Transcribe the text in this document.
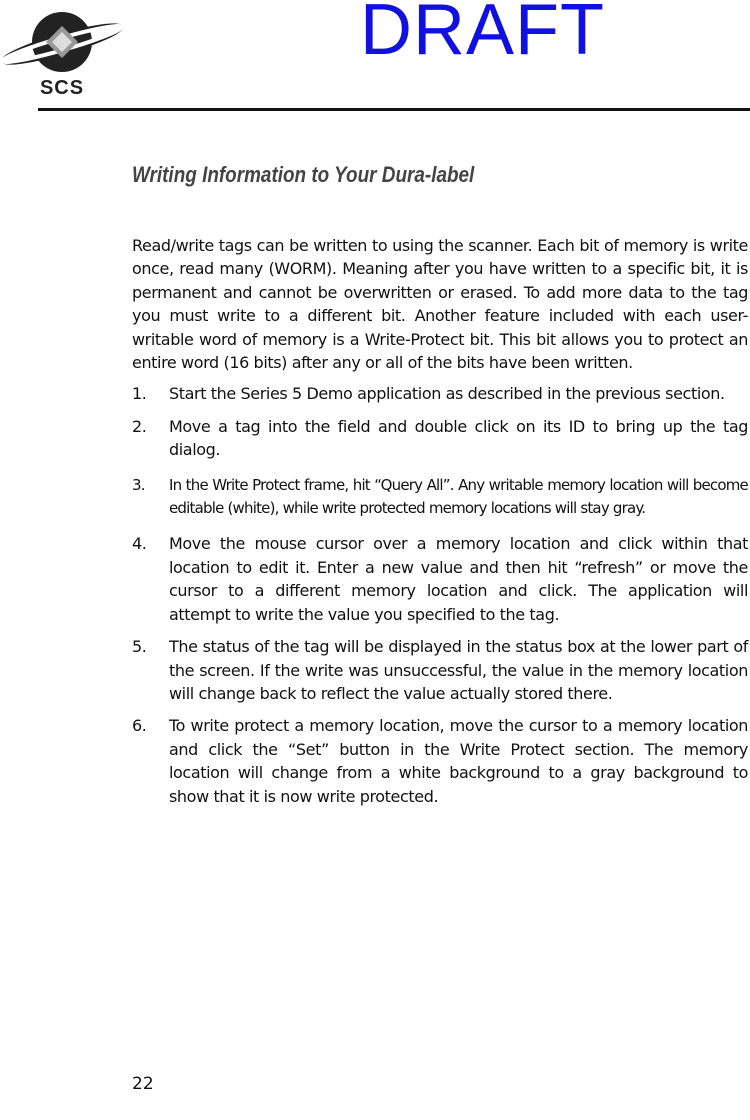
SCS
DRAFT
Writing Information to Your Dura-label

Read/write tags can be written to using the scanner. Each bit of memory is write once, read many (WORM). Meaning after you have written to a specific bit, it is permanent and cannot be overwritten or erased. To add more data to the tag you must write to a different bit. Another feature included with each user-writable word of memory is a Write-Protect bit. This bit allows you to protect an entire word (16 bits) after any or all of the bits have been written.

1. Start the Series 5 Demo application as described in the previous section.
2. Move a tag into the field and double click on its ID to bring up the tag dialog.
3. In the Write Protect frame, hit “Query All”. Any writable memory location will become editable (white), while write protected memory locations will stay gray.
4. Move the mouse cursor over a memory location and click within that location to edit it. Enter a new value and then hit “refresh” or move the cursor to a different memory location and click. The application will attempt to write the value you specified to the tag.
5. The status of the tag will be displayed in the status box at the lower part of the screen. If the write was unsuccessful, the value in the memory location will change back to reflect the value actually stored there.
6. To write protect a memory location, move the cursor to a memory location and click the “Set” button in the Write Protect section. The memory location will change from a white background to a gray background to show that it is now write protected.
22
